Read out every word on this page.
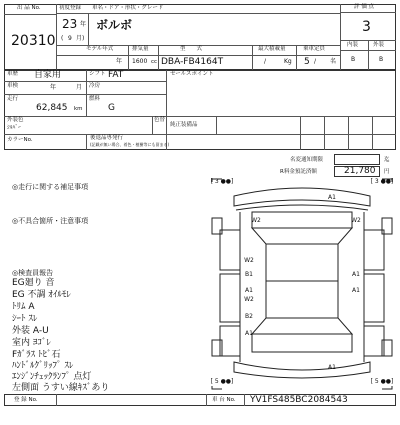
出 品 No.
20310
初度登録 車名・ドア・形状・グレード
23 年
( 9 月)
ボルボ
モデル年式
年
排気量
1600 cc
型　　式
DBA-FB4164T
最大積載量
/	Kg
乗車定員
5 / 名
評 価 点
3
内装	外装
B	B
車歴 自家用	シフト FAT
車検	年	月 冷房
走行
62,845 km
燃料
G
セールスポイント
外装色
ｼﾙﾊﾞｰ
色替
純正装備品
カラーNo.	後退品専発行
(記載が無い場合、着色・植樹等にも留まる)
名変通知期限	迄
R料金預託済額	21,780 円
◎走行に関する補足事項
◎不具合箇所・注意事項
◎検査員報告
EG廻り 音
EG 不調 ｵｲﾙﾓﾚ
ﾄﾘﾑ A
ｼｰﾄ ｽﾚ
外装 A-U
室内 ﾖｺﾞﾚ
Fｶﾞﾗｽ ﾄﾋﾞ石
ﾊﾝﾄﾞﾙｸﾞﾘｯﾌﾟ ｽﾚ
ｴﾝｼﾞﾝﾁｪｯｸﾗﾝﾌﾟ 点灯
左側面 うすい線ｷｽﾞあり
[ 3 ●●]	[ 3 ●●]
[ 5 ●●]	[ 5 ●●]
A1
W2	W2
W2
B1	A1
A1
W2
A1
B2
A1
A1
登 録 No.	車 台 No. YV1FS485BC2084543
